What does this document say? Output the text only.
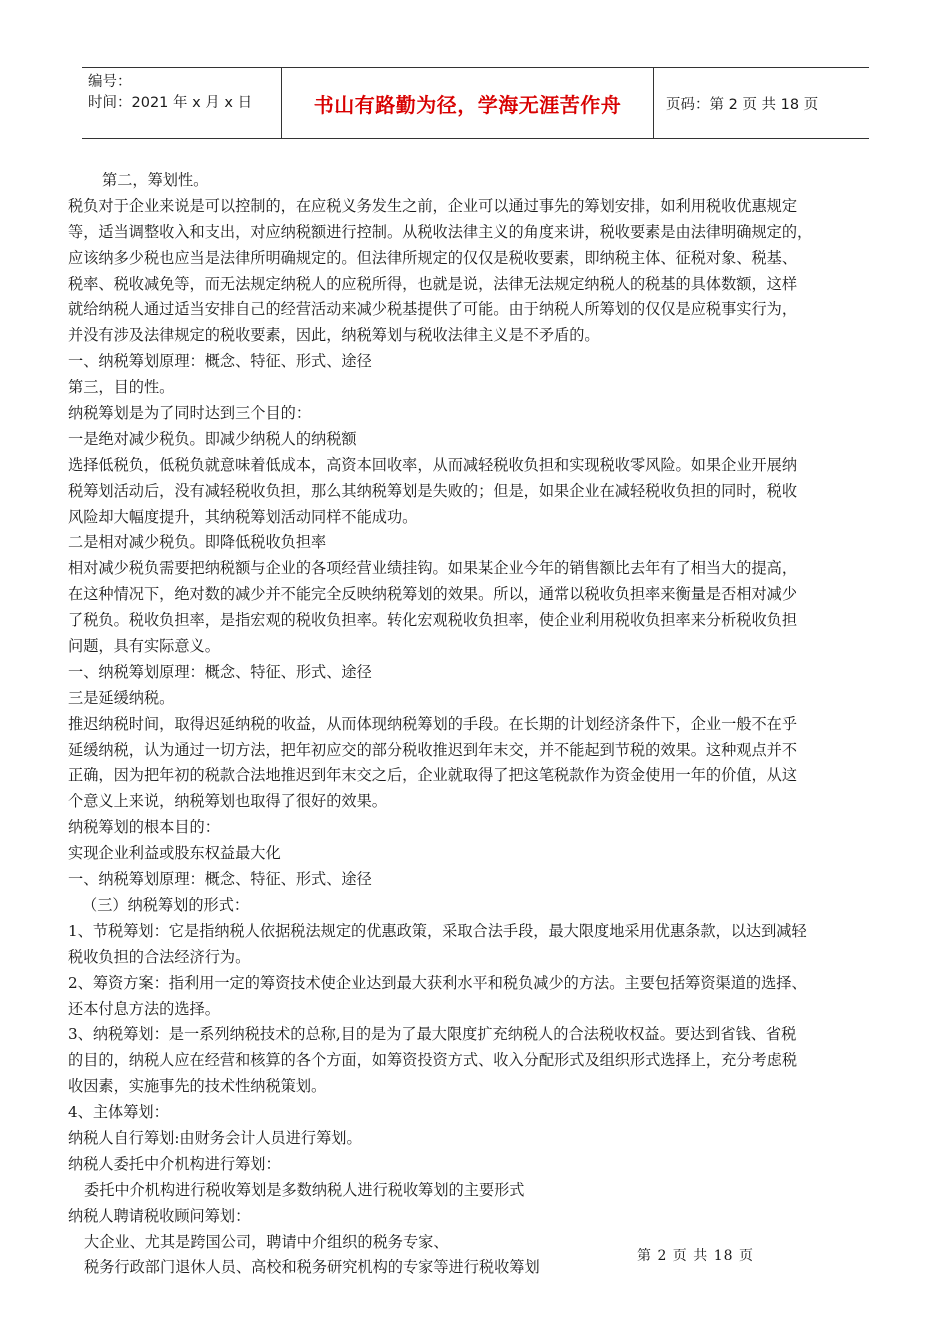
编号：
时间：2021 年 x 月 x 日	书山有路勤为径，学海无涯苦作舟	页码：第 2 页 共 18 页
第二，筹划性。
税负对于企业来说是可以控制的，在应税义务发生之前，企业可以通过事先的筹划安排，如利用税收优惠规定
等，适当调整收入和支出，对应纳税额进行控制。从税收法律主义的角度来讲，税收要素是由法律明确规定的，
应该纳多少税也应当是法律所明确规定的。但法律所规定的仅仅是税收要素，即纳税主体、征税对象、税基、
税率、税收减免等，而无法规定纳税人的应税所得，也就是说，法律无法规定纳税人的税基的具体数额，这样
就给纳税人通过适当安排自己的经营活动来减少税基提供了可能。由于纳税人所筹划的仅仅是应税事实行为，
并没有涉及法律规定的税收要素，因此，纳税筹划与税收法律主义是不矛盾的。
一、纳税筹划原理：概念、特征、形式、途径
第三，目的性。
纳税筹划是为了同时达到三个目的：
一是绝对减少税负。即减少纳税人的纳税额
选择低税负，低税负就意味着低成本，高资本回收率，从而减轻税收负担和实现税收零风险。如果企业开展纳
税筹划活动后，没有减轻税收负担，那么其纳税筹划是失败的；但是，如果企业在减轻税收负担的同时，税收
风险却大幅度提升，其纳税筹划活动同样不能成功。
二是相对减少税负。即降低税收负担率
相对减少税负需要把纳税额与企业的各项经营业绩挂钩。如果某企业今年的销售额比去年有了相当大的提高，
在这种情况下，绝对数的减少并不能完全反映纳税筹划的效果。所以，通常以税收负担率来衡量是否相对减少
了税负。税收负担率，是指宏观的税收负担率。转化宏观税收负担率，使企业利用税收负担率来分析税收负担
问题，具有实际意义。
一、纳税筹划原理：概念、特征、形式、途径
三是延缓纳税。
推迟纳税时间，取得迟延纳税的收益，从而体现纳税筹划的手段。在长期的计划经济条件下，企业一般不在乎
延缓纳税，认为通过一切方法，把年初应交的部分税收推迟到年末交，并不能起到节税的效果。这种观点并不
正确，因为把年初的税款合法地推迟到年末交之后，企业就取得了把这笔税款作为资金使用一年的价值，从这
个意义上来说，纳税筹划也取得了很好的效果。
纳税筹划的根本目的：
实现企业利益或股东权益最大化
一、纳税筹划原理：概念、特征、形式、途径
（三）纳税筹划的形式：
1、节税筹划：它是指纳税人依据税法规定的优惠政策，采取合法手段，最大限度地采用优惠条款，以达到减轻
税收负担的合法经济行为。
2、筹资方案：指利用一定的筹资技术使企业达到最大获利水平和税负减少的方法。主要包括筹资渠道的选择、
还本付息方法的选择。
3、纳税筹划：是一系列纳税技术的总称,目的是为了最大限度扩充纳税人的合法税收权益。要达到省钱、省税
的目的，纳税人应在经营和核算的各个方面，如筹资投资方式、收入分配形式及组织形式选择上，充分考虑税
收因素，实施事先的技术性纳税策划。
4、主体筹划：
纳税人自行筹划:由财务会计人员进行筹划。
纳税人委托中介机构进行筹划：
委托中介机构进行税收筹划是多数纳税人进行税收筹划的主要形式
纳税人聘请税收顾问筹划：
大企业、尤其是跨国公司，聘请中介组织的税务专家、
税务行政部门退休人员、高校和税务研究机构的专家等进行税收筹划
第 2 页 共 18 页
